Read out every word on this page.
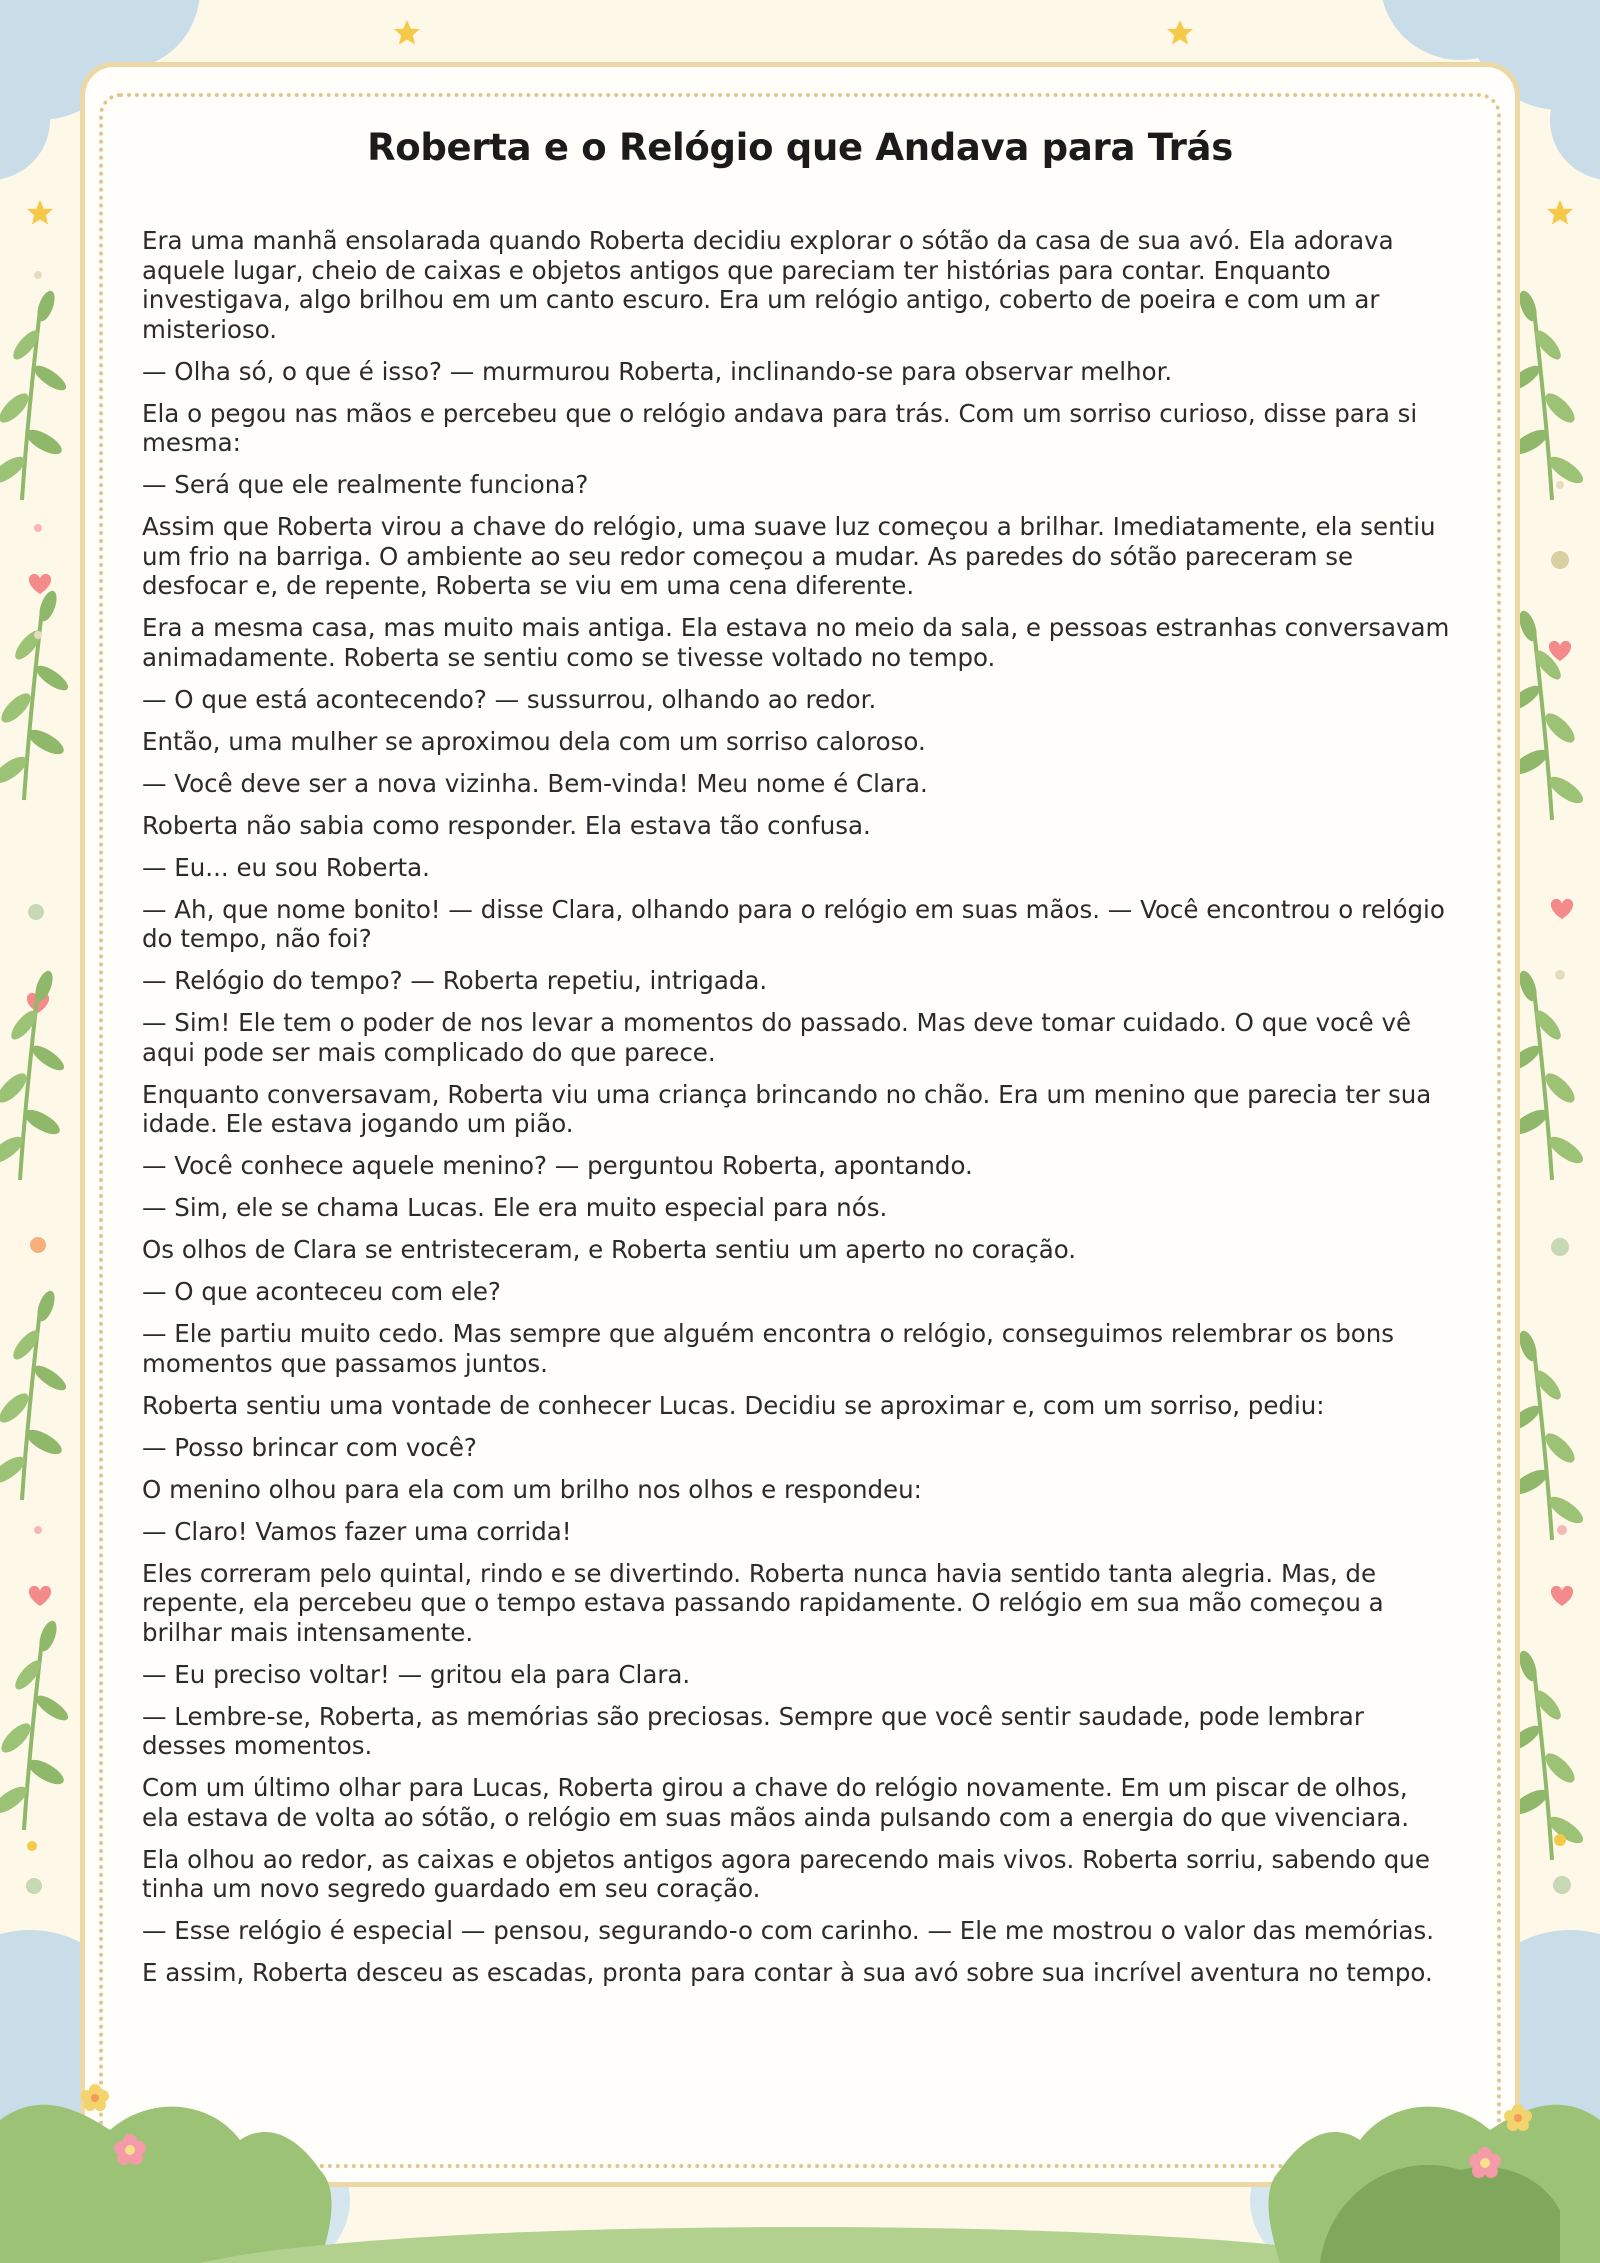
Roberta e o Relógio que Andava para Trás

Era uma manhã ensolarada quando Roberta decidiu explorar o sótão da casa de sua avó. Ela adorava aquele lugar, cheio de caixas e objetos antigos que pareciam ter histórias para contar. Enquanto investigava, algo brilhou em um canto escuro. Era um relógio antigo, coberto de poeira e com um ar misterioso.

— Olha só, o que é isso? — murmurou Roberta, inclinando-se para observar melhor.

Ela o pegou nas mãos e percebeu que o relógio andava para trás. Com um sorriso curioso, disse para si mesma:

— Será que ele realmente funciona?

Assim que Roberta virou a chave do relógio, uma suave luz começou a brilhar. Imediatamente, ela sentiu um frio na barriga. O ambiente ao seu redor começou a mudar. As paredes do sótão pareceram se desfocar e, de repente, Roberta se viu em uma cena diferente.

Era a mesma casa, mas muito mais antiga. Ela estava no meio da sala, e pessoas estranhas conversavam animadamente. Roberta se sentiu como se tivesse voltado no tempo.

— O que está acontecendo? — sussurrou, olhando ao redor.

Então, uma mulher se aproximou dela com um sorriso caloroso.

— Você deve ser a nova vizinha. Bem-vinda! Meu nome é Clara.

Roberta não sabia como responder. Ela estava tão confusa.

— Eu... eu sou Roberta.

— Ah, que nome bonito! — disse Clara, olhando para o relógio em suas mãos. — Você encontrou o relógio do tempo, não foi?

— Relógio do tempo? — Roberta repetiu, intrigada.

— Sim! Ele tem o poder de nos levar a momentos do passado. Mas deve tomar cuidado. O que você vê aqui pode ser mais complicado do que parece.

Enquanto conversavam, Roberta viu uma criança brincando no chão. Era um menino que parecia ter sua idade. Ele estava jogando um pião.

— Você conhece aquele menino? — perguntou Roberta, apontando.

— Sim, ele se chama Lucas. Ele era muito especial para nós.

Os olhos de Clara se entristeceram, e Roberta sentiu um aperto no coração.

— O que aconteceu com ele?

— Ele partiu muito cedo. Mas sempre que alguém encontra o relógio, conseguimos relembrar os bons momentos que passamos juntos.

Roberta sentiu uma vontade de conhecer Lucas. Decidiu se aproximar e, com um sorriso, pediu:

— Posso brincar com você?

O menino olhou para ela com um brilho nos olhos e respondeu:

— Claro! Vamos fazer uma corrida!

Eles correram pelo quintal, rindo e se divertindo. Roberta nunca havia sentido tanta alegria. Mas, de repente, ela percebeu que o tempo estava passando rapidamente. O relógio em sua mão começou a brilhar mais intensamente.

— Eu preciso voltar! — gritou ela para Clara.

— Lembre-se, Roberta, as memórias são preciosas. Sempre que você sentir saudade, pode lembrar desses momentos.

Com um último olhar para Lucas, Roberta girou a chave do relógio novamente. Em um piscar de olhos, ela estava de volta ao sótão, o relógio em suas mãos ainda pulsando com a energia do que vivenciara.

Ela olhou ao redor, as caixas e objetos antigos agora parecendo mais vivos. Roberta sorriu, sabendo que tinha um novo segredo guardado em seu coração.

— Esse relógio é especial — pensou, segurando-o com carinho. — Ele me mostrou o valor das memórias.

E assim, Roberta desceu as escadas, pronta para contar à sua avó sobre sua incrível aventura no tempo.
